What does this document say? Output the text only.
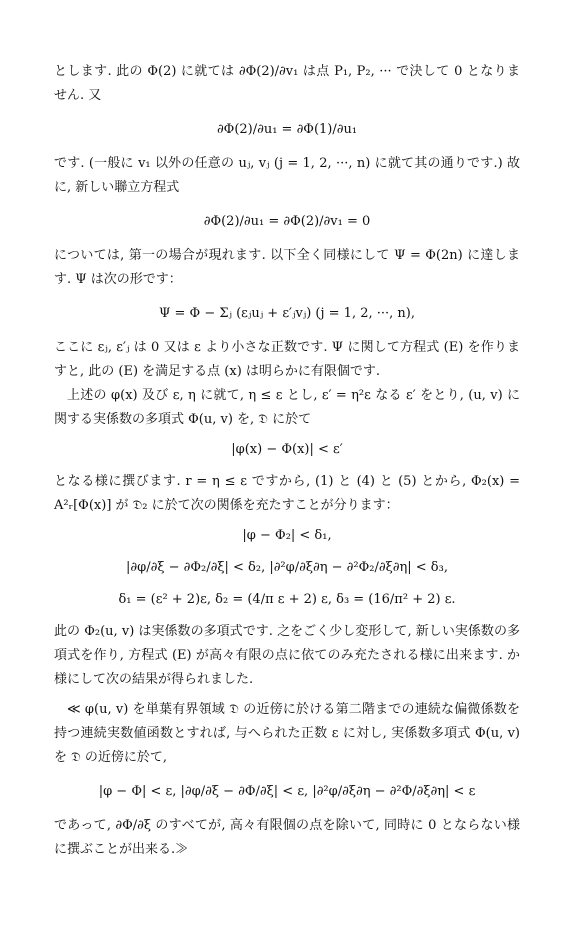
とします. 此の Φ(2) に就ては ∂Φ(2)/∂v₁ は点 P₁, P₂, ··· で決して 0 となりません. 又

∂Φ(2)/∂u₁ = ∂Φ(1)/∂u₁

です. (一般に v₁ 以外の任意の uⱼ, vⱼ (j = 1, 2, ···, n) に就て其の通りです.) 故に, 新しい聯立方程式

∂Φ(2)/∂u₁ = ∂Φ(2)/∂v₁ = 0

については, 第一の場合が現れます. 以下全く同様にして Ψ = Φ(2n) に達します. Ψ は次の形です：

Ψ = Φ − Σⱼ (εⱼuⱼ + ε′ⱼvⱼ) (j = 1, 2, ···, n),

ここに εⱼ, ε′ⱼ は 0 又は ε より小さな正数です. Ψ に関して方程式 (E) を作りますと, 此の (E) を満足する点 (x) は明らかに有限個です.

上述の φ(x) 及び ε, η に就て, η ≤ ε とし, ε′ = η²ε なる ε′ をとり, (u, v) に関する実係数の多項式 Φ(u, v) を, 𝔇 に於て

|φ(x) − Φ(x)| < ε′

となる様に撰びます. r = η ≤ ε ですから, (1) と (4) と (5) とから, Φ₂(x) = A²ᵣ[Φ(x)] が 𝔇₂ に於て次の関係を充たすことが分ります：

|φ − Φ₂| < δ₁,
|∂φ/∂ξ − ∂Φ₂/∂ξ| < δ₂, |∂²φ/∂ξ∂η − ∂²Φ₂/∂ξ∂η| < δ₃,
δ₁ = (ε² + 2)ε, δ₂ = (4/π ε + 2) ε, δ₃ = (16/π² + 2) ε.

此の Φ₂(u, v) は実係数の多項式です. 之をごく少し変形して, 新しい実係数の多項式を作り, 方程式 (E) が高々有限の点に依てのみ充たされる様に出来ます. か様にして次の結果が得られました.

≪ φ(u, v) を単葉有界領域 𝔇 の近傍に於ける第二階までの連続な偏微係数を持つ連続実数値函数とすれば, 与へられた正数 ε に対し, 実係数多項式 Φ(u, v) を 𝔇 の近傍に於て,

|φ − Φ| < ε, |∂φ/∂ξ − ∂Φ/∂ξ| < ε, |∂²φ/∂ξ∂η − ∂²Φ/∂ξ∂η| < ε

であって, ∂Φ/∂ξ のすべてが, 高々有限個の点を除いて, 同時に 0 とならない様に撰ぶことが出来る.≫
